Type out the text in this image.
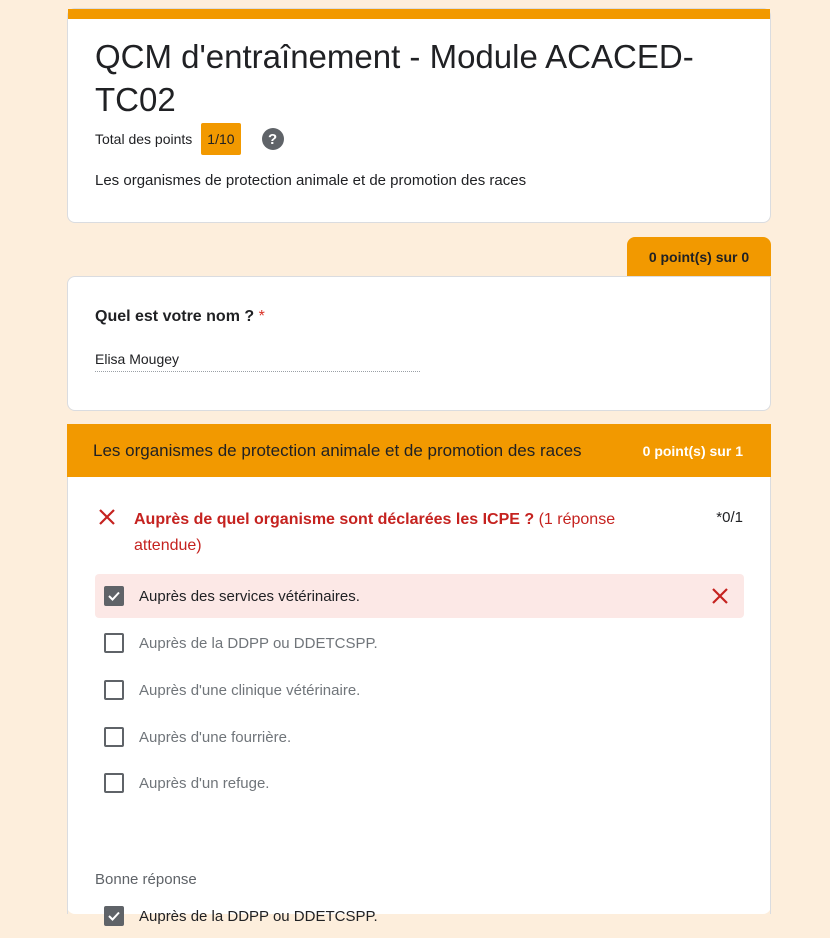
QCM d'entraînement - Module ACACED-TC02
Total des points	1/10	?
Les organismes de protection animale et de promotion des races
0 point(s) sur 0
Quel est votre nom ? *
Elisa Mougey
Les organismes de protection animale et de promotion des races	0 point(s) sur 1
Auprès de quel organisme sont déclarées les ICPE ? (1 réponse attendue)
*0/1
Auprès des services vétérinaires.
Auprès de la DDPP ou DDETCSPP.
Auprès d'une clinique vétérinaire.
Auprès d'une fourrière.
Auprès d'un refuge.
Bonne réponse
Auprès de la DDPP ou DDETCSPP.
